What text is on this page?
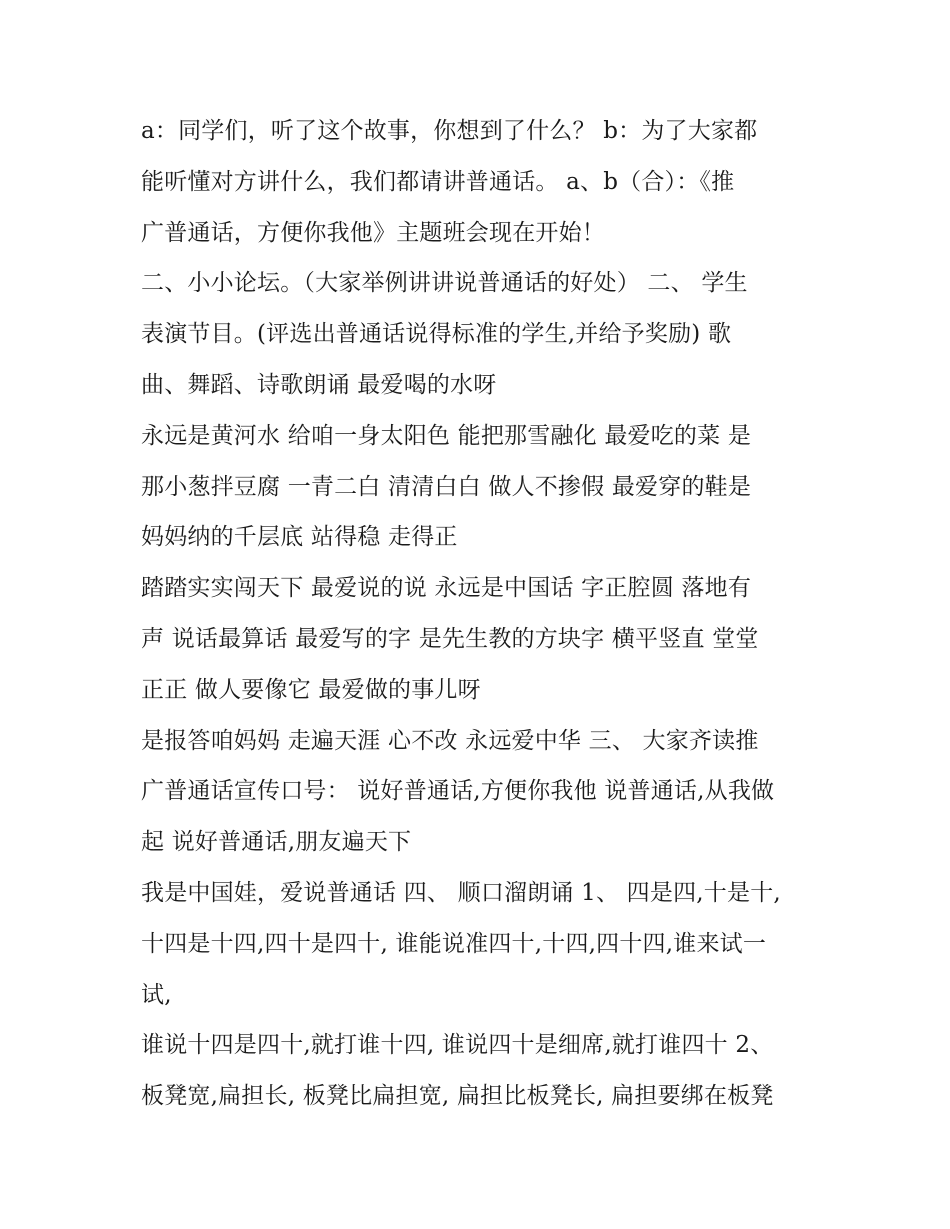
a：同学们，听了这个故事，你想到了什么？ b：为了大家都
能听懂对方讲什么，我们都请讲普通话。 a、b（合）：《推
广普通话，方便你我他》主题班会现在开始！
二、小小论坛。（大家举例讲讲说普通话的好处） 二、 学生
表演节目。(评选出普通话说得标准的学生,并给予奖励) 歌
曲、舞蹈、诗歌朗诵 最爱喝的水呀
永远是黄河水 给咱一身太阳色 能把那雪融化 最爱吃的菜 是
那小葱拌豆腐 一青二白 清清白白 做人不掺假 最爱穿的鞋是
妈妈纳的千层底 站得稳 走得正
踏踏实实闯天下 最爱说的说 永远是中国话 字正腔圆 落地有
声 说话最算话 最爱写的字 是先生教的方块字 横平竖直 堂堂
正正 做人要像它 最爱做的事儿呀
是报答咱妈妈 走遍天涯 心不改 永远爱中华 三、 大家齐读推
广普通话宣传口号： 说好普通话,方便你我他 说普通话,从我做
起 说好普通话,朋友遍天下
我是中国娃，爱说普通话 四、 顺口溜朗诵 1、 四是四,十是十,
十四是十四,四十是四十, 谁能说准四十,十四,四十四,谁来试一
试,
谁说十四是四十,就打谁十四, 谁说四十是细席,就打谁四十 2、
板凳宽,扁担长, 板凳比扁担宽, 扁担比板凳长, 扁担要绑在板凳
